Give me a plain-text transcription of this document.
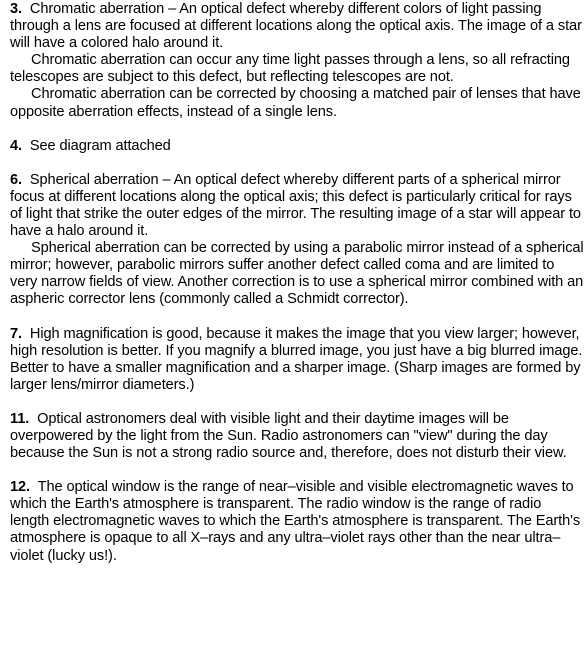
3. Chromatic aberration – An optical defect whereby different colors of light passing through a lens are focused at different locations along the optical axis. The image of a star will have a colored halo around it.

Chromatic aberration can occur any time light passes through a lens, so all refracting telescopes are subject to this defect, but reflecting telescopes are not.

Chromatic aberration can be corrected by choosing a matched pair of lenses that have opposite aberration effects, instead of a single lens.

4. See diagram attached

6. Spherical aberration – An optical defect whereby different parts of a spherical mirror focus at different locations along the optical axis; this defect is particularly critical for rays of light that strike the outer edges of the mirror. The resulting image of a star will appear to have a halo around it.

Spherical aberration can be corrected by using a parabolic mirror instead of a spherical mirror; however, parabolic mirrors suffer another defect called coma and are limited to very narrow fields of view. Another correction is to use a spherical mirror combined with an aspheric corrector lens (commonly called a Schmidt corrector).

7. High magnification is good, because it makes the image that you view larger; however, high resolution is better. If you magnify a blurred image, you just have a big blurred image. Better to have a smaller magnification and a sharper image. (Sharp images are formed by larger lens/mirror diameters.)

11. Optical astronomers deal with visible light and their daytime images will be overpowered by the light from the Sun. Radio astronomers can "view" during the day because the Sun is not a strong radio source and, therefore, does not disturb their view.

12. The optical window is the range of near–visible and visible electromagnetic waves to which the Earth's atmosphere is transparent. The radio window is the range of radio length electromagnetic waves to which the Earth's atmosphere is transparent. The Earth's atmosphere is opaque to all X–rays and any ultra–violet rays other than the near ultra–violet (lucky us!).
